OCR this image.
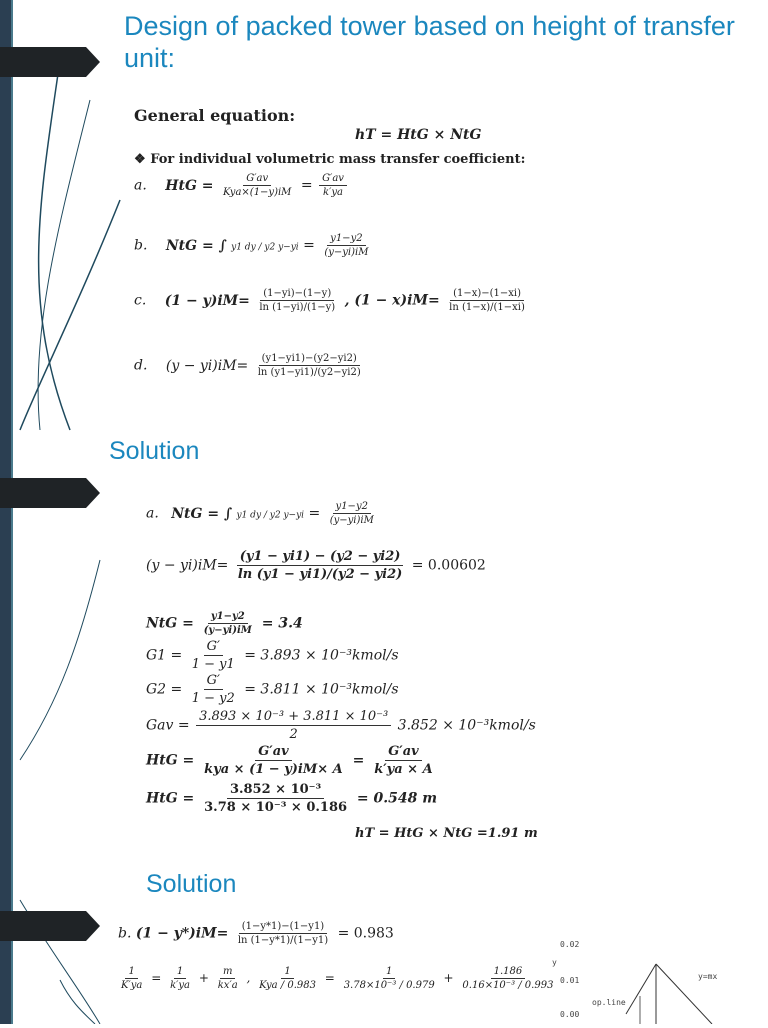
Design of packed tower based on height of transfer unit:
General equation:
hT = HtG × NtG
❖ For individual volumetric mass transfer coefficient:
a. HtG = $\frac{G'av}{\text{Kya×(1−y)iM}} = \frac{G'av}{k'ya}$
b. NtG = ∫ y1 dy / y2 $y-yi = \frac{y1-y2}{(y-yi)iM}$
c. $(1 - y)iM= \frac{(1-yi)-(1-y)}{\ln (1-yi)/(1-y)}$ , $(1 - x)iM= \frac{(1-x)-(1-xi)}{\ln (1-x)/(1-xi)}$
d. $(y - yi)iM= \frac{(y1-yi1)-(y2-yi2)}{\ln (y1-yi1)/(y2-yi2)}$
Solution
a. NtG = ∫ y1 dy / y2 $y-yi = \frac{y1-y2}{(y-yi)iM}$
$(y - yi)iM= \frac{(y1 - yi1) - (y2 - yi2)}{\ln (y1 - yi1)/(y2 - yi2)} = 0.00602$
NtG = $\frac{y1-y2}{(y-yi)iM} = 3.4$
$G1 = \frac{G'}{1 - y1} = 3.893$ × 10⁻³kmol/s
$G2 = \frac{G'}{1 - y2} = 3.811$ × 10⁻³kmol/s
Gav = $\frac{\text{3.893 × 10⁻³ + 3.811 × 10⁻³}}{2} 3.852$ × 10⁻³kmol/s
HtG = $\frac{G'av}{\text{kya × (1 − y)iM× A}} = \frac{G'av}{k'ya \times A}$
HtG = $\frac{\text{3.852 × 10⁻³}}{\text{3.78 × 10⁻³ × 0.186}} = 0.548$ m
hT = HtG × NtG =1.91 m
Solution
b. $(1 - y*)iM= \frac{(1-y*1)-(1-y1)}{\ln (1-y*1)/(1-y1)} = 0.983$
$\frac{1}{K'ya} = \frac{1}{k'ya} + \frac{m}{kx'a}$ , $\frac{1}{\text{Kya / 0.983}} = \frac{1}{\text{3.78×10⁻³ / 0.979}} + \frac{1.186}{\text{0.16×10⁻³ / 0.993}}$
0.02
y
0.01
0.00
op.line
y=mx
